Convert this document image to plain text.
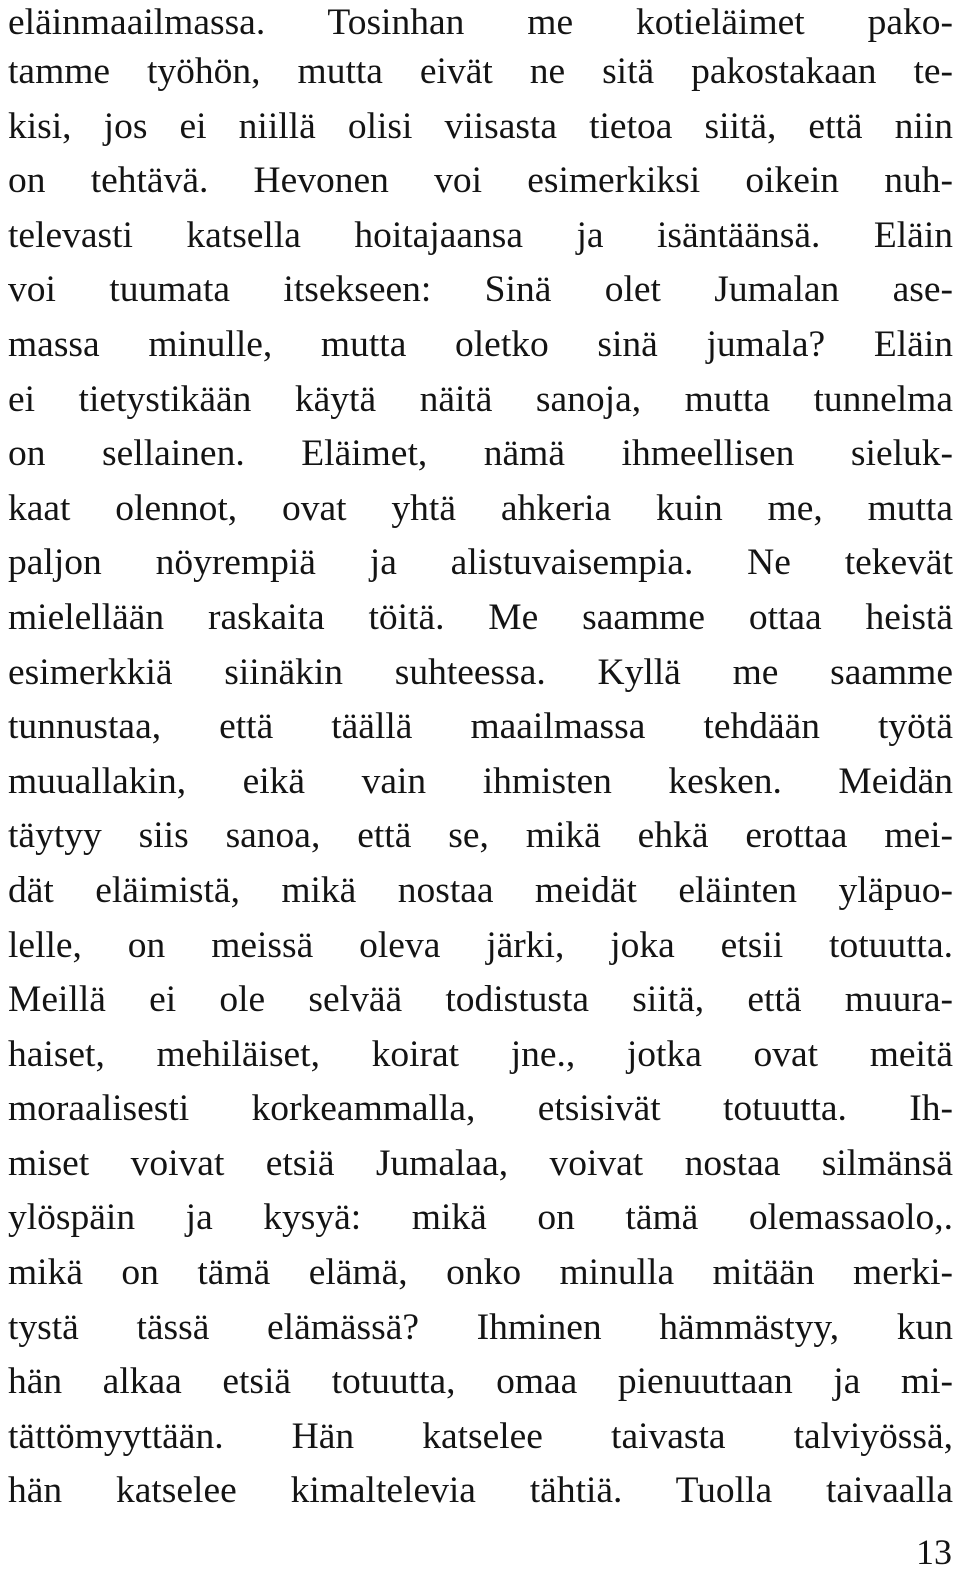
eläinmaailmassa. Tosinhan me kotieläimet pako-
tamme työhön, mutta eivät ne sitä pakostakaan te-
kisi, jos ei niillä olisi viisasta tietoa siitä, että niin
on tehtävä. Hevonen voi esimerkiksi oikein nuh-
televasti katsella hoitajaansa ja isäntäänsä. Eläin
voi tuumata itsekseen: Sinä olet Jumalan ase-
massa minulle, mutta oletko sinä jumala? Eläin
ei tietystikään käytä näitä sanoja, mutta tunnelma
on sellainen. Eläimet, nämä ihmeellisen sieluk-
kaat olennot, ovat yhtä ahkeria kuin me, mutta
paljon nöyrempiä ja alistuvaisempia. Ne tekevät
mielellään raskaita töitä. Me saamme ottaa heistä
esimerkkiä siinäkin suhteessa. Kyllä me saamme
tunnustaa, että täällä maailmassa tehdään työtä
muuallakin, eikä vain ihmisten kesken. Meidän
täytyy siis sanoa, että se, mikä ehkä erottaa mei-
dät eläimistä, mikä nostaa meidät eläinten yläpuo-
lelle, on meissä oleva järki, joka etsii totuutta.
Meillä ei ole selvää todistusta siitä, että muura-
haiset, mehiläiset, koirat jne., jotka ovat meitä
moraalisesti korkeammalla, etsisivät totuutta. Ih-
miset voivat etsiä Jumalaa, voivat nostaa silmänsä
ylöspäin ja kysyä: mikä on tämä olemassaolo,.
mikä on tämä elämä, onko minulla mitään merki-
tystä tässä elämässä? Ihminen hämmästyy, kun
hän alkaa etsiä totuutta, omaa pienuuttaan ja mi-
tättömyyttään. Hän katselee taivasta talviyössä,
hän katselee kimaltelevia tähtiä. Tuolla taivaalla
13
